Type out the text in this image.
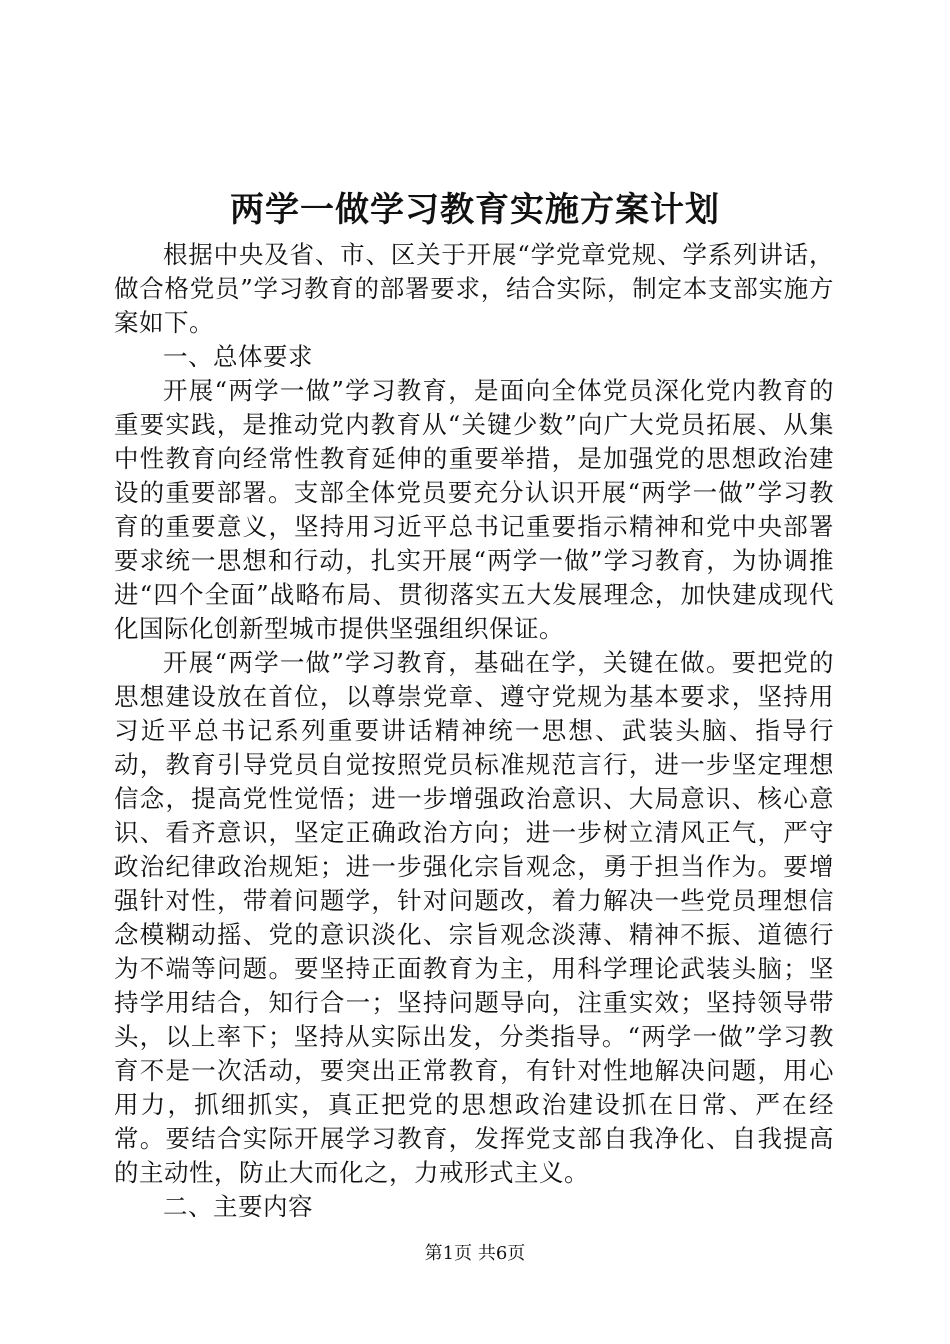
两学一做学习教育实施方案计划

根据中央及省、市、区关于开展“学党章党规、学系列讲话，做合格党员”学习教育的部署要求，结合实际，制定本支部实施方案如下。

一、总体要求

开展“两学一做”学习教育，是面向全体党员深化党内教育的重要实践，是推动党内教育从“关键少数”向广大党员拓展、从集中性教育向经常性教育延伸的重要举措，是加强党的思想政治建设的重要部署。支部全体党员要充分认识开展“两学一做”学习教育的重要意义，坚持用习近平总书记重要指示精神和党中央部署要求统一思想和行动，扎实开展“两学一做”学习教育，为协调推进“四个全面”战略布局、贯彻落实五大发展理念，加快建成现代化国际化创新型城市提供坚强组织保证。

开展“两学一做”学习教育，基础在学，关键在做。要把党的思想建设放在首位，以尊崇党章、遵守党规为基本要求，坚持用习近平总书记系列重要讲话精神统一思想、武装头脑、指导行动，教育引导党员自觉按照党员标准规范言行，进一步坚定理想信念，提高党性觉悟；进一步增强政治意识、大局意识、核心意识、看齐意识，坚定正确政治方向；进一步树立清风正气，严守政治纪律政治规矩；进一步强化宗旨观念，勇于担当作为。要增强针对性，带着问题学，针对问题改，着力解决一些党员理想信念模糊动摇、党的意识淡化、宗旨观念淡薄、精神不振、道德行为不端等问题。要坚持正面教育为主，用科学理论武装头脑；坚持学用结合，知行合一；坚持问题导向，注重实效；坚持领导带头，以上率下；坚持从实际出发，分类指导。“两学一做”学习教育不是一次活动，要突出正常教育，有针对性地解决问题，用心用力，抓细抓实，真正把党的思想政治建设抓在日常、严在经常。要结合实际开展学习教育，发挥党支部自我净化、自我提高的主动性，防止大而化之，力戒形式主义。

二、主要内容

第1页 共6页
